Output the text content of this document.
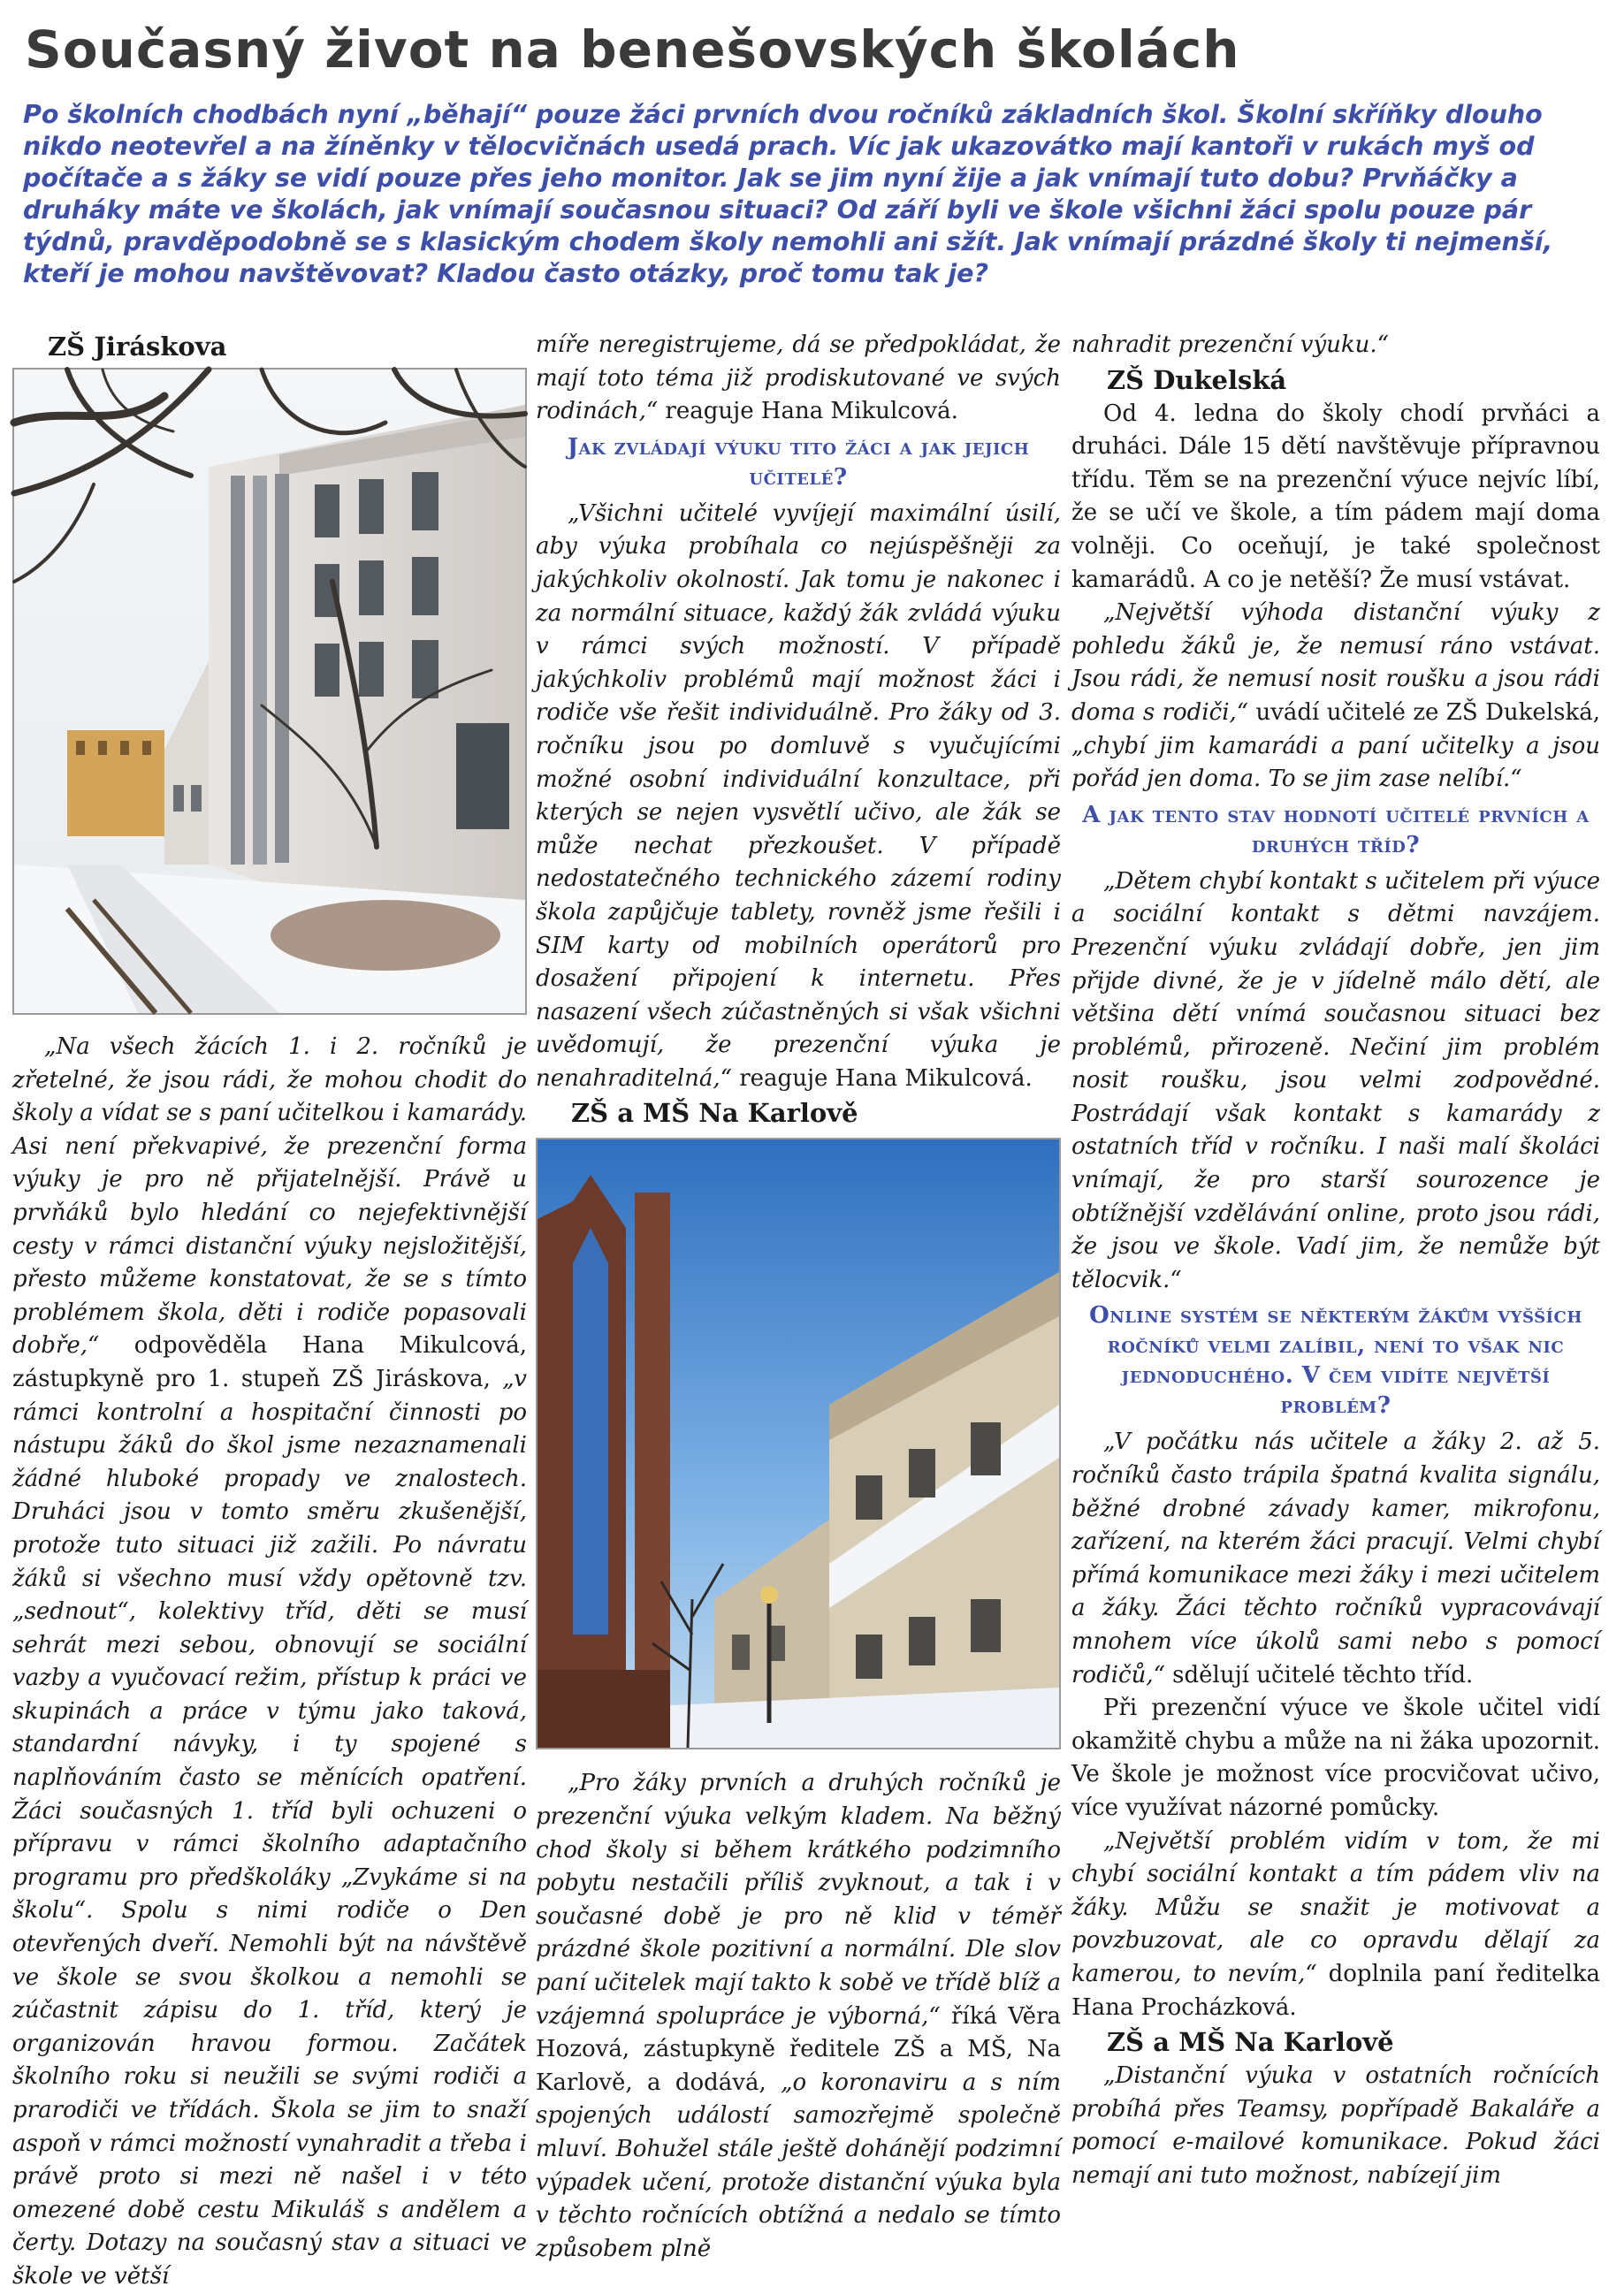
Současný život na benešovských školách

Po školních chodbách nyní „běhají“ pouze žáci prvních dvou ročníků základních škol. Školní skříňky dlouho nikdo neotevřel a na žíněnky v tělocvičnách usedá prach. Víc jak ukazovátko mají kantoři v rukách myš od počítače a s žáky se vidí pouze přes jeho monitor. Jak se jim nyní žije a jak vnímají tuto dobu? Prvňáčky a druháky máte ve školách, jak vnímají současnou situaci? Od září byli ve škole všichni žáci spolu pouze pár týdnů, pravděpodobně se s klasickým chodem školy nemohli ani sžít. Jak vnímají prázdné školy ti nejmenší, kteří je mohou navštěvovat? Kladou často otázky, proč tomu tak je?

ZŠ Jiráskova

„Na všech žácích 1. i 2. ročníků je zřetelné, že jsou rádi, že mohou chodit do školy a vídat se s paní učitelkou i kamarády. Asi není překvapivé, že prezenční forma výuky je pro ně přijatelnější. Právě u prvňáků bylo hledání co nejefektivnější cesty v rámci distanční výuky nejsložitější, přesto můžeme konstatovat, že se s tímto problémem škola, děti i rodiče popasovali dobře,“ odpověděla Hana Mikulcová, zástupkyně pro 1. stupeň ZŠ Jiráskova, „v rámci kontrolní a hospitační činnosti po nástupu žáků do škol jsme nezaznamenali žádné hluboké propady ve znalostech. Druháci jsou v tomto směru zkušenější, protože tuto situaci již zažili. Po návratu žáků si všechno musí vždy opětovně tzv. „sednout“, kolektivy tříd, děti se musí sehrát mezi sebou, obnovují se sociální vazby a vyučovací režim, přístup k práci ve skupinách a práce v týmu jako taková, standardní návyky, i ty spojené s naplňováním často se měnících opatření. Žáci současných 1. tříd byli ochuzeni o přípravu v rámci školního adaptačního programu pro předškoláky „Zvykáme si na školu“. Spolu s nimi rodiče o Den otevřených dveří. Nemohli být na návštěvě ve škole se svou školkou a nemohli se zúčastnit zápisu do 1. tříd, který je organizován hravou formou. Začátek školního roku si neužili se svými rodiči a prarodiči ve třídách. Škola se jim to snaží aspoň v rámci možností vynahradit a třeba i právě proto si mezi ně našel i v této omezené době cestu Mikuláš s andělem a čerty. Dotazy na současný stav a situaci ve škole ve větší

míře neregistrujeme, dá se předpokládat, že mají toto téma již prodiskutované ve svých rodinách,“ reaguje Hana Mikulcová.

Jak zvládají výuku tito žáci a jak jejich učitelé?

„Všichni učitelé vyvíjejí maximální úsilí, aby výuka probíhala co nejúspěšněji za jakýchkoliv okolností. Jak tomu je nakonec i za normální situace, každý žák zvládá výuku v rámci svých možností. V případě jakýchkoliv problémů mají možnost žáci i rodiče vše řešit individuálně. Pro žáky od 3. ročníku jsou po domluvě s vyučujícími možné osobní individuální konzultace, při kterých se nejen vysvětlí učivo, ale žák se může nechat přezkoušet. V případě nedostatečného technického zázemí rodiny škola zapůjčuje tablety, rovněž jsme řešili i SIM karty od mobilních operátorů pro dosažení připojení k internetu. Přes nasazení všech zúčastněných si však všichni uvědomují, že prezenční výuka je nenahraditelná,“ reaguje Hana Mikulcová.

ZŠ a MŠ Na Karlově

„Pro žáky prvních a druhých ročníků je prezenční výuka velkým kladem. Na běžný chod školy si během krátkého podzimního pobytu nestačili příliš zvyknout, a tak i v současné době je pro ně klid v téměř prázdné škole pozitivní a normální. Dle slov paní učitelek mají takto k sobě ve třídě blíž a vzájemná spolupráce je výborná,“ říká Věra Hozová, zástupkyně ředitele ZŠ a MŠ, Na Karlově, a dodává, „o koronaviru a s ním spojených událostí samozřejmě společně mluví. Bohužel stále ještě dohánějí podzimní výpadek učení, protože distanční výuka byla v těchto ročnících obtížná a nedalo se tímto způsobem plně

nahradit prezenční výuku.“

ZŠ Dukelská

Od 4. ledna do školy chodí prvňáci a druháci. Dále 15 dětí navštěvuje přípravnou třídu. Těm se na prezenční výuce nejvíc líbí, že se učí ve škole, a tím pádem mají doma volněji. Co oceňují, je také společnost kamarádů. A co je netěší? Že musí vstávat.

„Největší výhoda distanční výuky z pohledu žáků je, že nemusí ráno vstávat. Jsou rádi, že nemusí nosit roušku a jsou rádi doma s rodiči,“ uvádí učitelé ze ZŠ Dukelská, „chybí jim kamarádi a paní učitelky a jsou pořád jen doma. To se jim zase nelíbí.“

A jak tento stav hodnotí učitelé prvních a druhých tříd?

„Dětem chybí kontakt s učitelem při výuce a sociální kontakt s dětmi navzájem. Prezenční výuku zvládají dobře, jen jim přijde divné, že je v jídelně málo dětí, ale většina dětí vnímá současnou situaci bez problémů, přirozeně. Nečiní jim problém nosit roušku, jsou velmi zodpovědné. Postrádají však kontakt s kamarády z ostatních tříd v ročníku. I naši malí školáci vnímají, že pro starší sourozence je obtížnější vzdělávání online, proto jsou rádi, že jsou ve škole. Vadí jim, že nemůže být tělocvik.“

Online systém se některým žákům vyšších ročníků velmi zalíbil, není to však nic jednoduchého. V čem vidíte největší problém?

„V počátku nás učitele a žáky 2. až 5. ročníků často trápila špatná kvalita signálu, běžné drobné závady kamer, mikrofonu, zařízení, na kterém žáci pracují. Velmi chybí přímá komunikace mezi žáky i mezi učitelem a žáky. Žáci těchto ročníků vypracovávají mnohem více úkolů sami nebo s pomocí rodičů,“ sdělují učitelé těchto tříd.

Při prezenční výuce ve škole učitel vidí okamžitě chybu a může na ni žáka upozornit. Ve škole je možnost více procvičovat učivo, více využívat názorné pomůcky.

„Největší problém vidím v tom, že mi chybí sociální kontakt a tím pádem vliv na žáky. Můžu se snažit je motivovat a povzbuzovat, ale co opravdu dělají za kamerou, to nevím,“ doplnila paní ředitelka Hana Procházková.

ZŠ a MŠ Na Karlově

„Distanční výuka v ostatních ročnících probíhá přes Teamsy, popřípadě Bakaláře a pomocí e-mailové komunikace. Pokud žáci nemají ani tuto možnost, nabízejí jim
